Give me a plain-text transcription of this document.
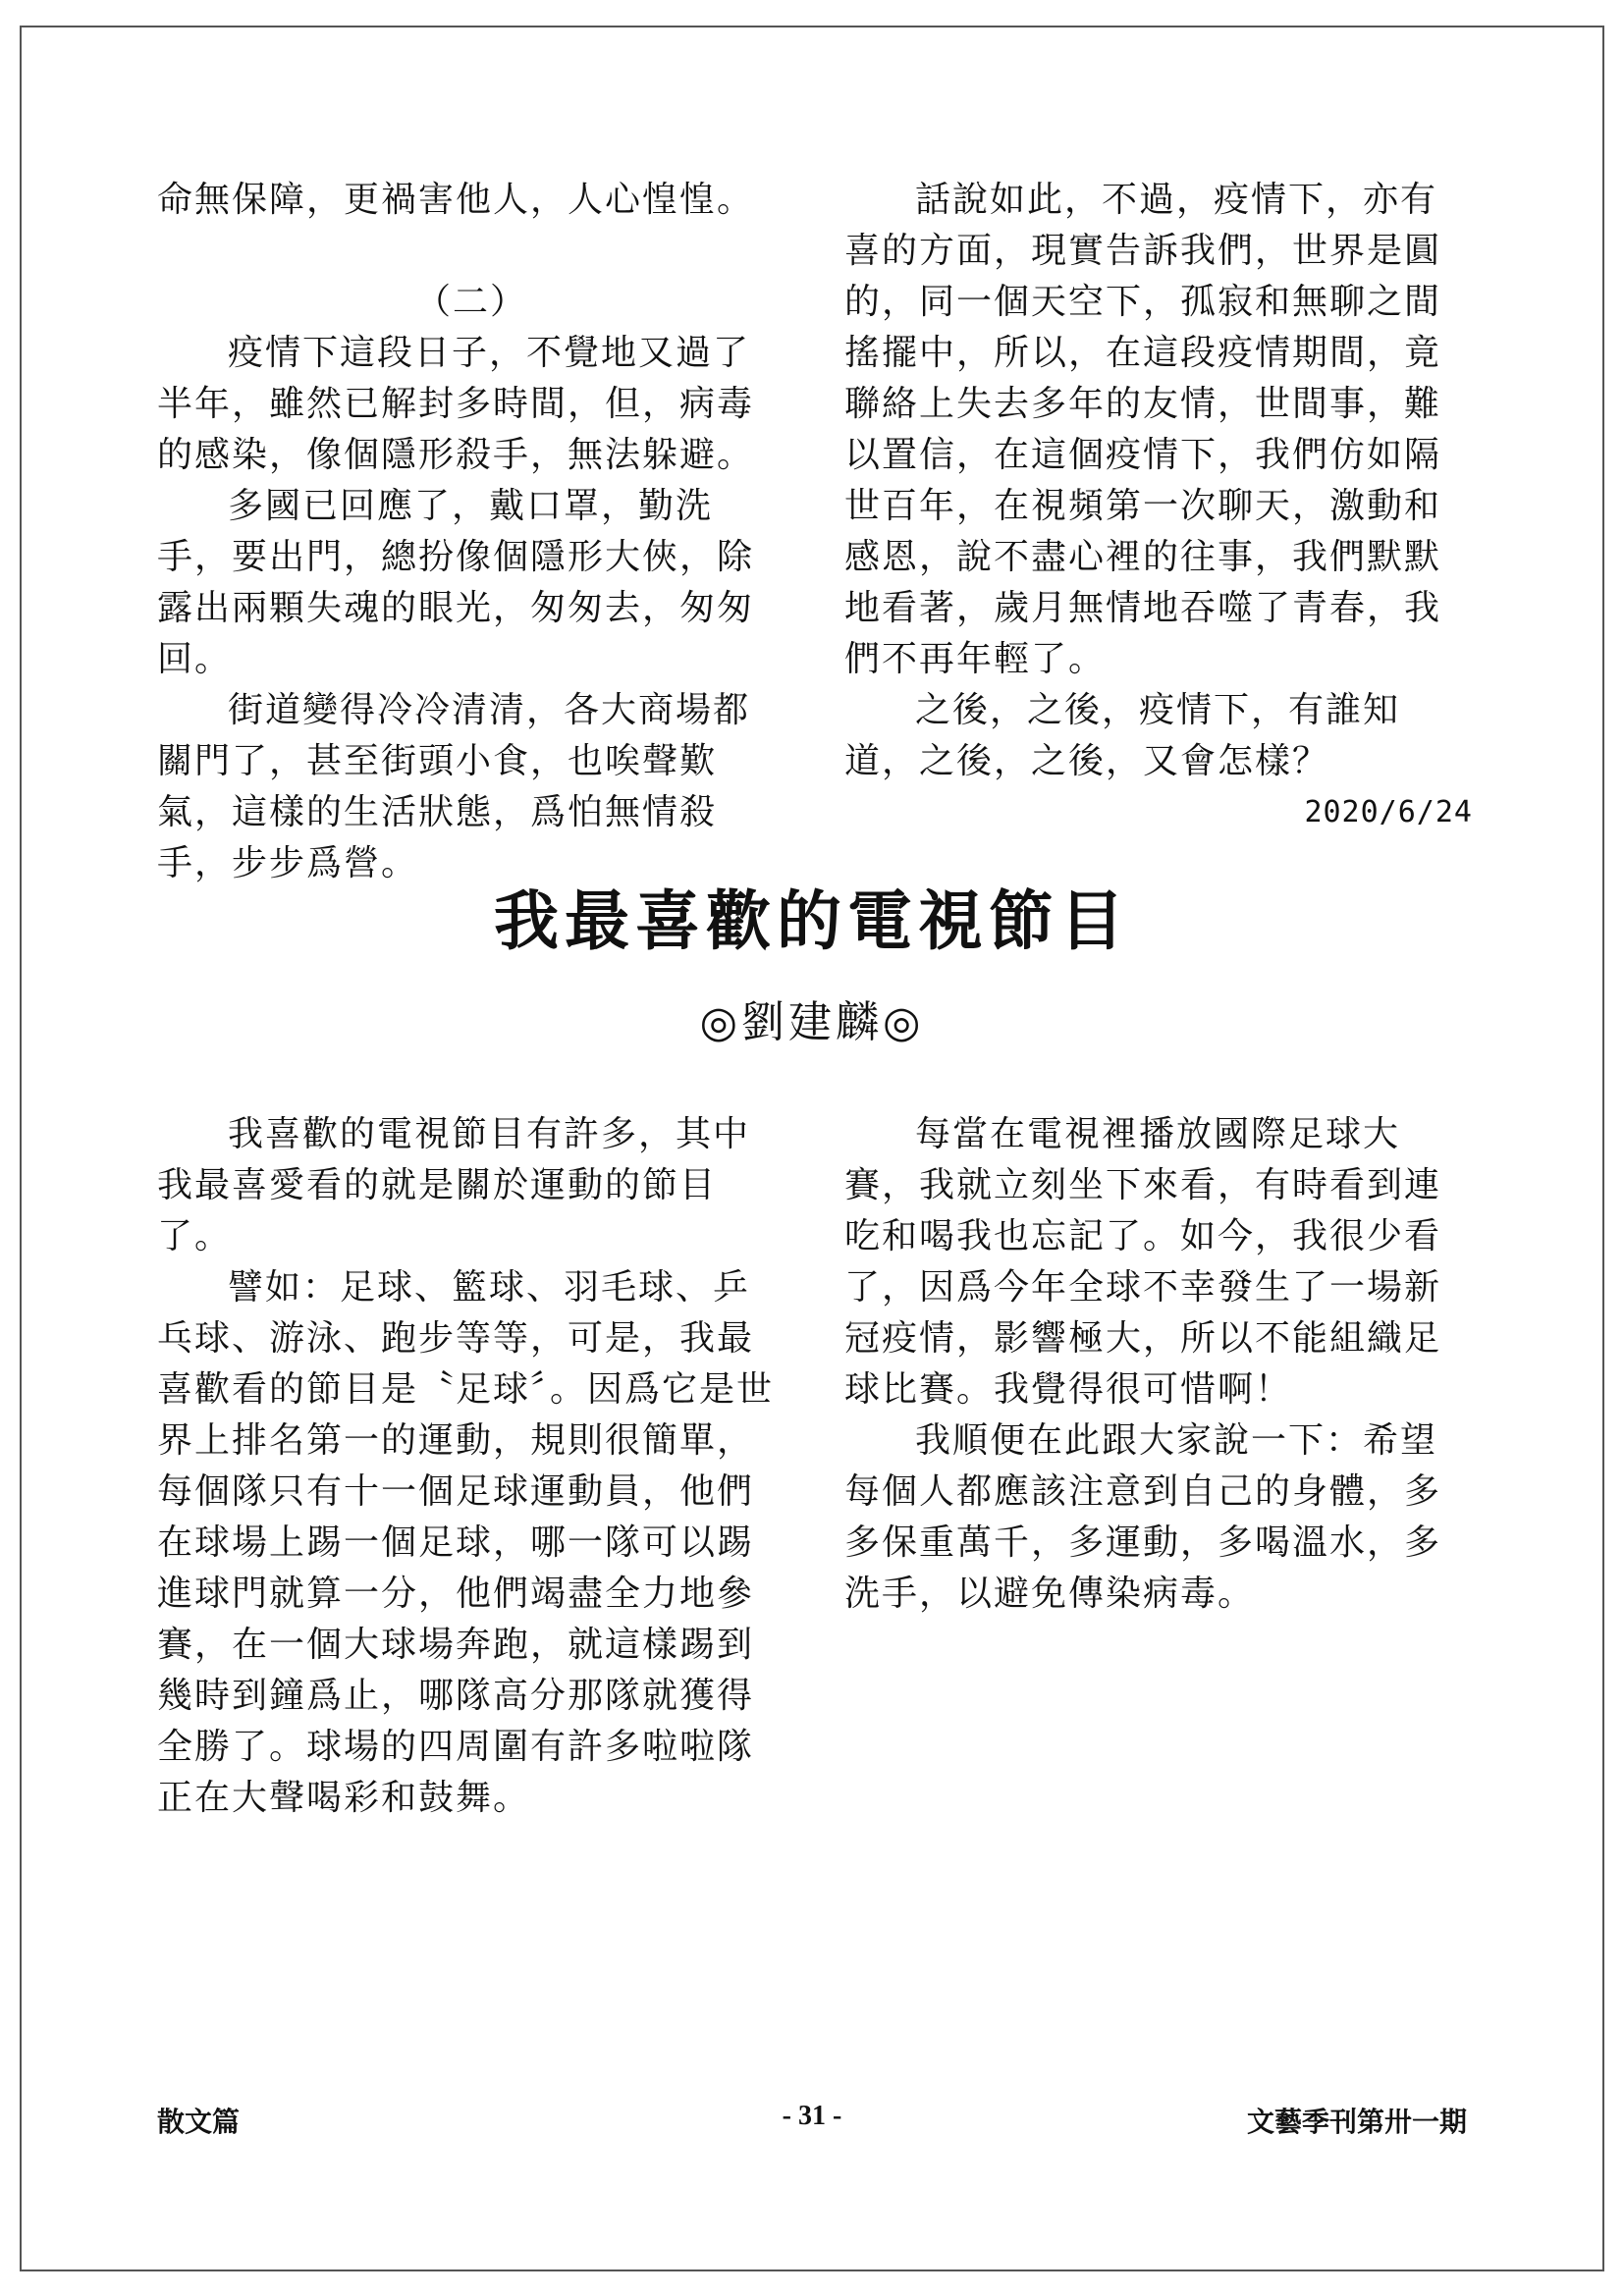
命無保障，更禍害他人，人心惶惶。

（二）

疫情下這段日子，不覺地又過了半年，雖然已解封多時間，但，病毒的感染，像個隱形殺手，無法躲避。

多國已回應了，戴口罩，勤洗手，要出門，總扮像個隱形大俠，除露出兩顆失魂的眼光，匆匆去，匆匆回。

街道變得冷冷清清，各大商場都關門了，甚至街頭小食，也唉聲歎氣，這樣的生活狀態，爲怕無情殺手，步步爲營。

話說如此，不過，疫情下，亦有喜的方面，現實告訴我們，世界是圓的，同一個天空下，孤寂和無聊之間搖擺中，所以，在這段疫情期間，竟聯絡上失去多年的友情，世間事，難以置信，在這個疫情下，我們仿如隔世百年，在視頻第一次聊天，激動和感恩，說不盡心裡的往事，我們默默地看著，歲月無情地吞噬了青春，我們不再年輕了。

之後，之後，疫情下，有誰知道，之後，之後，又會怎樣？

2020/6/24

我最喜歡的電視節目

◎劉建麟◎

我喜歡的電視節目有許多，其中我最喜愛看的就是關於運動的節目了。

譬如：足球、籃球、羽毛球、乒乓球、游泳、跑步等等，可是，我最喜歡看的節目是〝足球〞。因爲它是世界上排名第一的運動，規則很簡單，每個隊只有十一個足球運動員，他們在球場上踢一個足球，哪一隊可以踢進球門就算一分，他們竭盡全力地參賽，在一個大球場奔跑，就這樣踢到幾時到鐘爲止，哪隊高分那隊就獲得全勝了。球場的四周圍有許多啦啦隊正在大聲喝彩和鼓舞。

每當在電視裡播放國際足球大賽，我就立刻坐下來看，有時看到連吃和喝我也忘記了。如今，我很少看了，因爲今年全球不幸發生了一場新冠疫情，影響極大，所以不能組織足球比賽。我覺得很可惜啊！

我順便在此跟大家說一下：希望每個人都應該注意到自己的身體，多多保重萬千，多運動，多喝溫水，多洗手，以避免傳染病毒。

散文篇	- 31 -	文藝季刊第卅一期
